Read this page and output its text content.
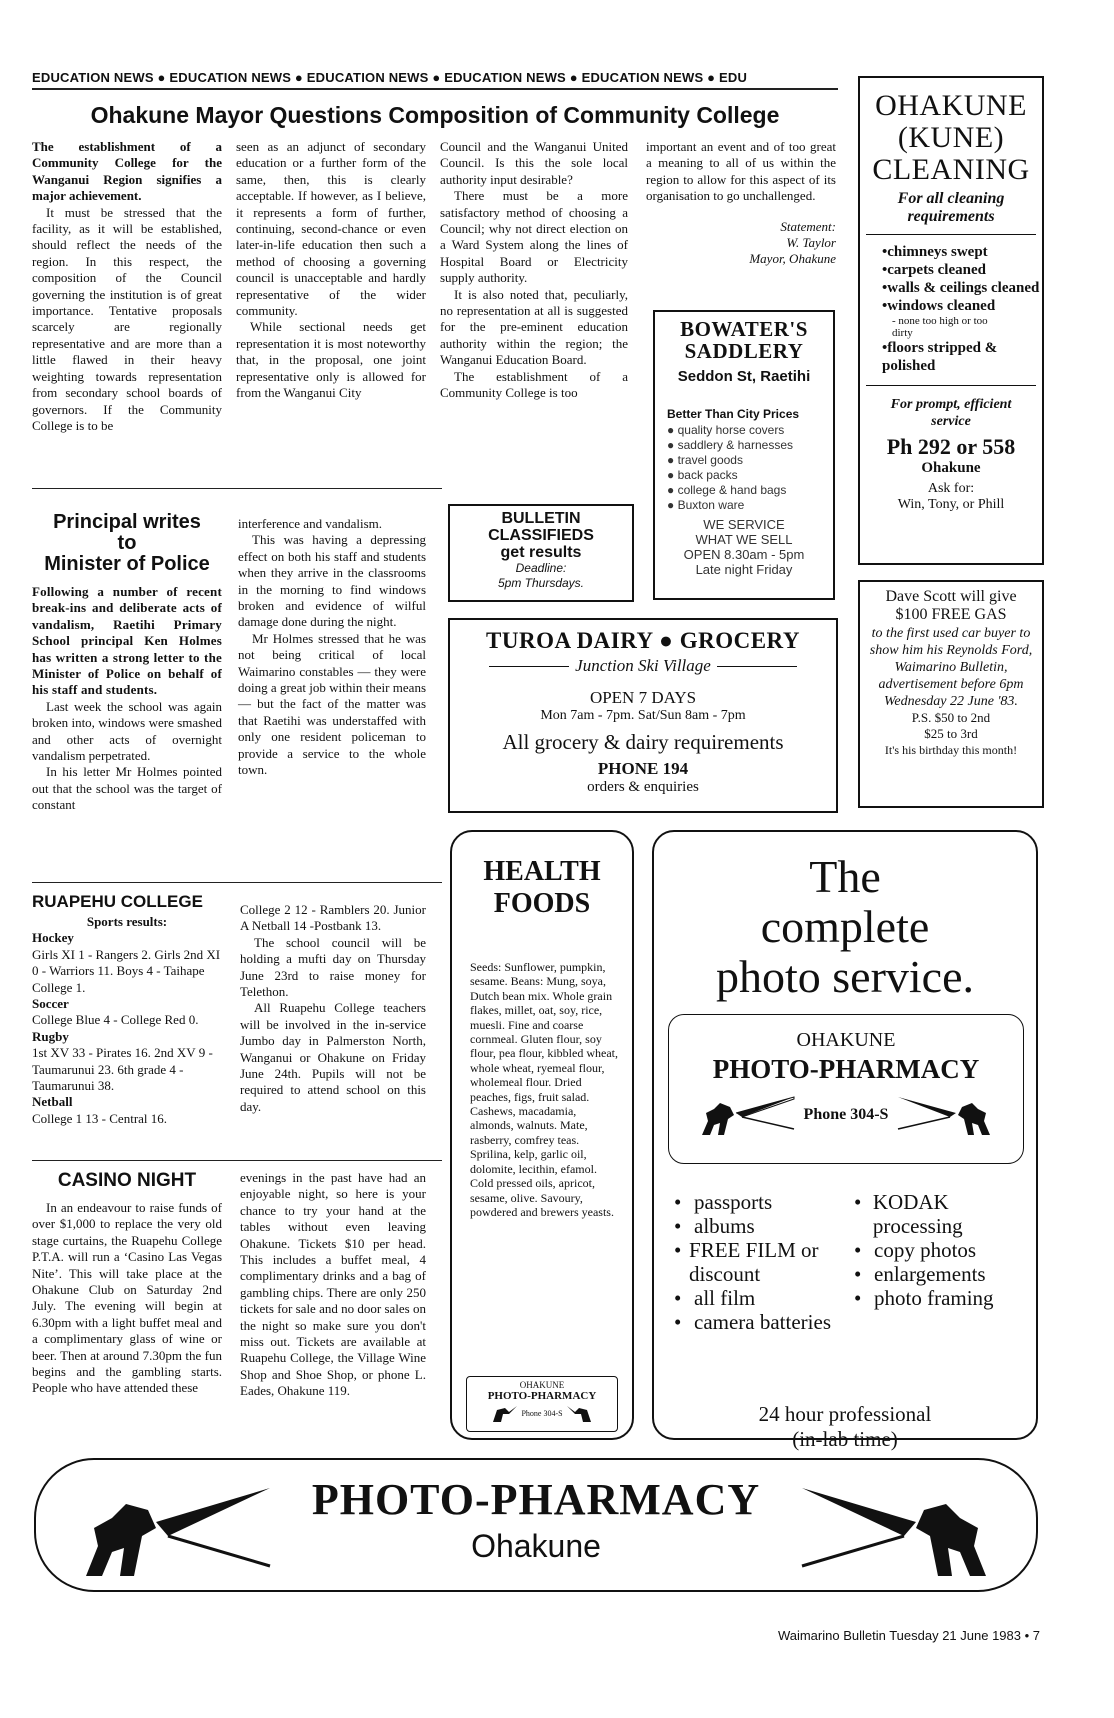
EDUCATION NEWS ● EDUCATION NEWS ● EDUCATION NEWS ● EDUCATION NEWS ● EDUCATION NEWS ● EDU
Ohakune Mayor Questions Composition of Community College

The establishment of a Community College for the Wanganui Region signifies a major achievement.

It must be stressed that the facility, as it will be established, should reflect the needs of the region. In this respect, the composition of the Council governing the institution is of great importance. Tentative proposals scarcely are regionally representative and are more than a little flawed in their heavy weighting towards representation from secondary school boards of governors. If the Community College is to be

seen as an adjunct of secondary education or a further form of the same, then, this is clearly acceptable. If however, as I believe, it represents a form of further, continuing, second-chance or even later-in-life education then such a method of choosing a governing council is unacceptable and hardly representative of the wider community.

While sectional needs get representation it is most noteworthy that, in the proposal, one joint representative only is allowed for from the Wanganui City

Council and the Wanganui United Council. Is this the sole local authority input desirable?

There must be a more satisfactory method of choosing a Council; why not direct election on a Ward System along the lines of Hospital Board or Electricity supply authority.

It is also noted that, peculiarly, no representation at all is suggested for the pre-eminent education authority within the region; the Wanganui Education Board.

The establishment of a Community College is too

important an event and of too great a meaning to all of us within the region to allow for this aspect of its organisation to go unchallenged.

Statement:
W. Taylor
Mayor, Ohakune
Principal writes
to
Minister of Police

Following a number of recent break-ins and deliberate acts of vandalism, Raetihi Primary School principal Ken Holmes has written a strong letter to the Minister of Police on behalf of his staff and students.

Last week the school was again broken into, windows were smashed and other acts of overnight vandalism perpetrated.

In his letter Mr Holmes pointed out that the school was the target of constant

interference and vandalism.

This was having a depressing effect on both his staff and students when they arrive in the classrooms in the morning to find windows broken and evidence of wilful damage done during the night.

Mr Holmes stressed that he was not being critical of local Waimarino constables — they were doing a great job within their means — but the fact of the matter was that Raetihi was understaffed with only one resident policeman to provide a service to the whole town.

RUAPEHU COLLEGE
Sports results:
Hockey
Girls XI 1 - Rangers 2. Girls 2nd XI 0 - Warriors 11. Boys 4 - Taihape College 1.
Soccer
College Blue 4 - College Red 0.
Rugby
1st XV 33 - Pirates 16. 2nd XV 9 - Taumarunui 23. 6th grade 4 - Taumarunui 38.
Netball
College 1 13 - Central 16.

College 2 12 - Ramblers 20. Junior A Netball 14 -Postbank 13.

The school council will be holding a mufti day on Thursday June 23rd to raise money for Telethon.

All Ruapehu College teachers will be involved in the in-service Jumbo day in Palmerston North, Wanganui or Ohakune on Friday June 24th. Pupils will not be required to attend school on this day.

CASINO NIGHT

In an endeavour to raise funds of over $1,000 to replace the very old stage curtains, the Ruapehu College P.T.A. will run a ‘Casino Las Vegas Nite’. This will take place at the Ohakune Club on Saturday 2nd July. The evening will begin at 6.30pm with a light buffet meal and a complimentary glass of wine or beer. Then at around 7.30pm the fun begins and the gambling starts. People who have attended these

evenings in the past have had an enjoyable night, so here is your chance to try your hand at the tables without even leaving Ohakune. Tickets $10 per head. This includes a buffet meal, 4 complimentary drinks and a bag of gambling chips. There are only 250 tickets for sale and no door sales on the night so make sure you don't miss out. Tickets are available at Ruapehu College, the Village Wine Shop and Shoe Shop, or phone L. Eades, Ohakune 119.

OHAKUNE
(KUNE)
CLEANING
For all cleaning requirements
•chimneys swept
•carpets cleaned
•walls & ceilings cleaned
•windows cleaned
- none too high or too dirty
•floors stripped & polished
For prompt, efficient service
Ph 292 or 558
Ohakune
Ask for:
Win, Tony, or Phill
BOWATER'S SADDLERY
Seddon St, Raetihi
Better Than City Prices
● quality horse covers
● saddlery & harnesses
● travel goods
● back packs
● college & hand bags
● Buxton ware
WE SERVICE
WHAT WE SELL
OPEN 8.30am - 5pm
Late night Friday
BULLETIN
CLASSIFIEDS
get results
Deadline:
5pm Thursdays.
TUROA DAIRY ● GROCERY
Junction Ski Village
OPEN 7 DAYS
Mon 7am - 7pm. Sat/Sun 8am - 7pm
All grocery & dairy requirements
PHONE 194
orders & enquiries
Dave Scott will give $100 FREE GAS
to the first used car buyer to show him his Reynolds Ford, Waimarino Bulletin, advertisement before 6pm Wednesday 22 June '83.
P.S. $50 to 2nd
$25 to 3rd
It's his birthday this month!
HEALTH
FOODS
Seeds: Sunflower, pumpkin, sesame. Beans: Mung, soya, Dutch bean mix. Whole grain flakes, millet, oat, soy, rice, muesli. Fine and coarse cornmeal. Gluten flour, soy flour, pea flour, kibbled wheat, whole wheat, ryemeal flour, wholemeal flour. Dried peaches, figs, fruit salad. Cashews, macadamia, almonds, walnuts. Mate, rasberry, comfrey teas. Sprilina, kelp, garlic oil, dolomite, lecithin, efamol. Cold pressed oils, apricot, sesame, olive. Savoury, powdered and brewers yeasts.
OHAKUNE
PHOTO-PHARMACY
Phone 304-S
The
complete
photo service.
OHAKUNE
PHOTO-PHARMACY
Phone 304-S
• passports
• albums
• FREE FILM or discount
• all film
• camera batteries
• KODAK processing
• copy photos
• enlargements
• photo framing
24 hour professional
(in-lab time)
PHOTO-PHARMACY
Ohakune
Waimarino Bulletin Tuesday 21 June 1983 • 7
